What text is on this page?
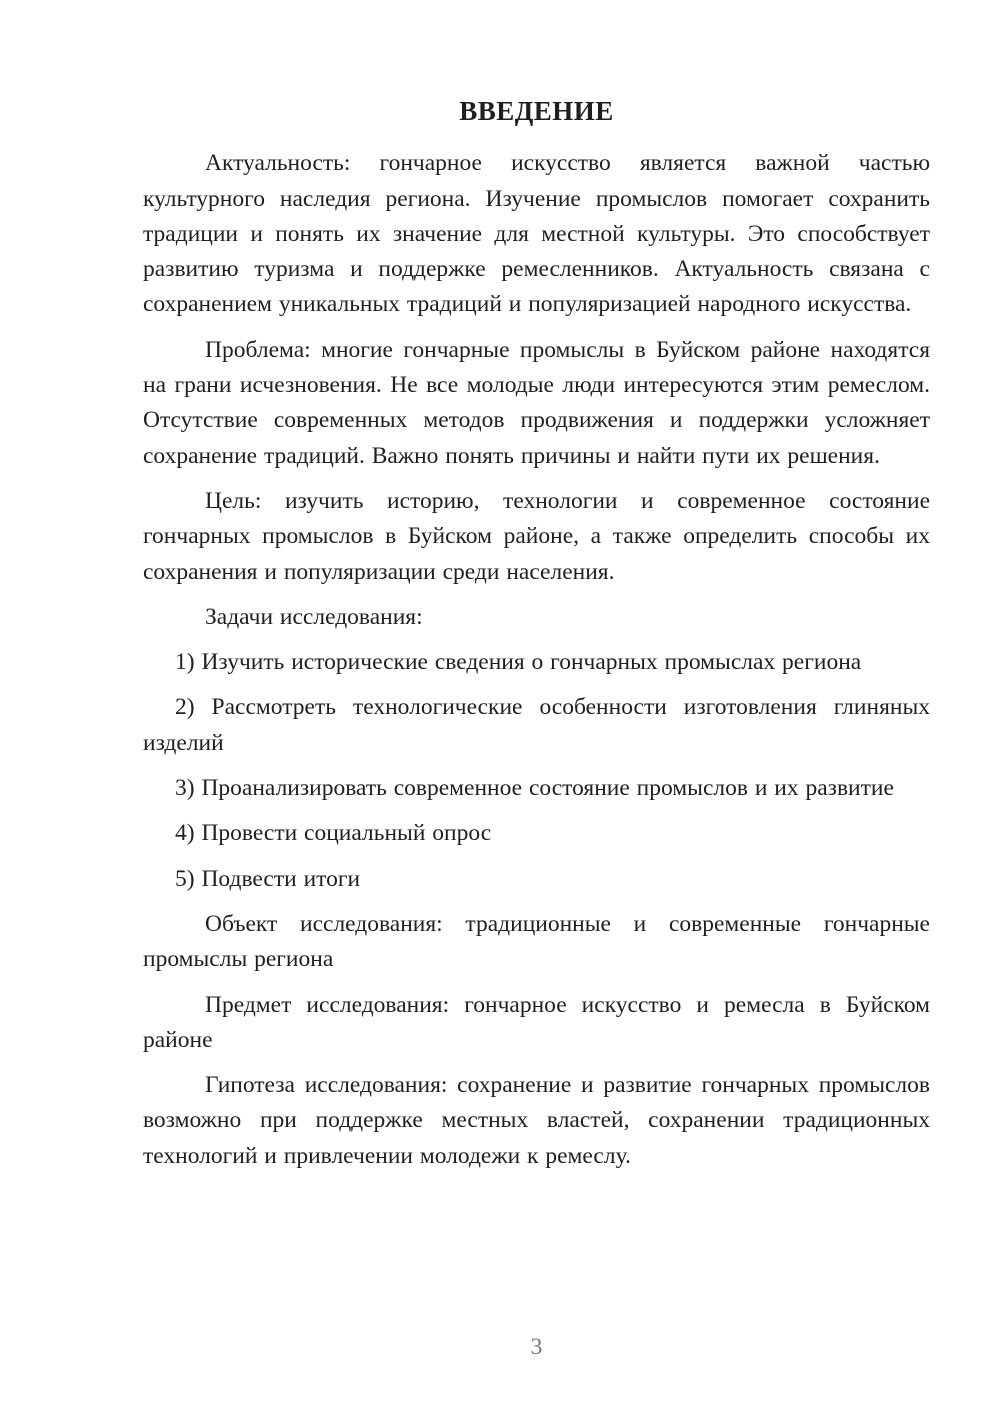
ВВЕДЕНИЕ

Актуальность: гончарное искусство является важной частью культурного наследия региона. Изучение промыслов помогает сохранить традиции и понять их значение для местной культуры. Это способствует развитию туризма и поддержке ремесленников. Актуальность связана с сохранением уникальных традиций и популяризацией народного искусства.

Проблема: многие гончарные промыслы в Буйском районе находятся на грани исчезновения. Не все молодые люди интересуются этим ремеслом. Отсутствие современных методов продвижения и поддержки усложняет сохранение традиций. Важно понять причины и найти пути их решения.

Цель: изучить историю, технологии и современное состояние гончарных промыслов в Буйском районе, а также определить способы их сохранения и популяризации среди населения.

Задачи исследования:

1) Изучить исторические сведения о гончарных промыслах региона

2) Рассмотреть технологические особенности изготовления глиняных изделий

3) Проанализировать современное состояние промыслов и их развитие

4) Провести социальный опрос

5) Подвести итоги

Объект исследования: традиционные и современные гончарные промыслы региона

Предмет исследования: гончарное искусство и ремесла в Буйском районе

Гипотеза исследования: сохранение и развитие гончарных промыслов возможно при поддержке местных властей, сохранении традиционных технологий и привлечении молодежи к ремеслу.

3
